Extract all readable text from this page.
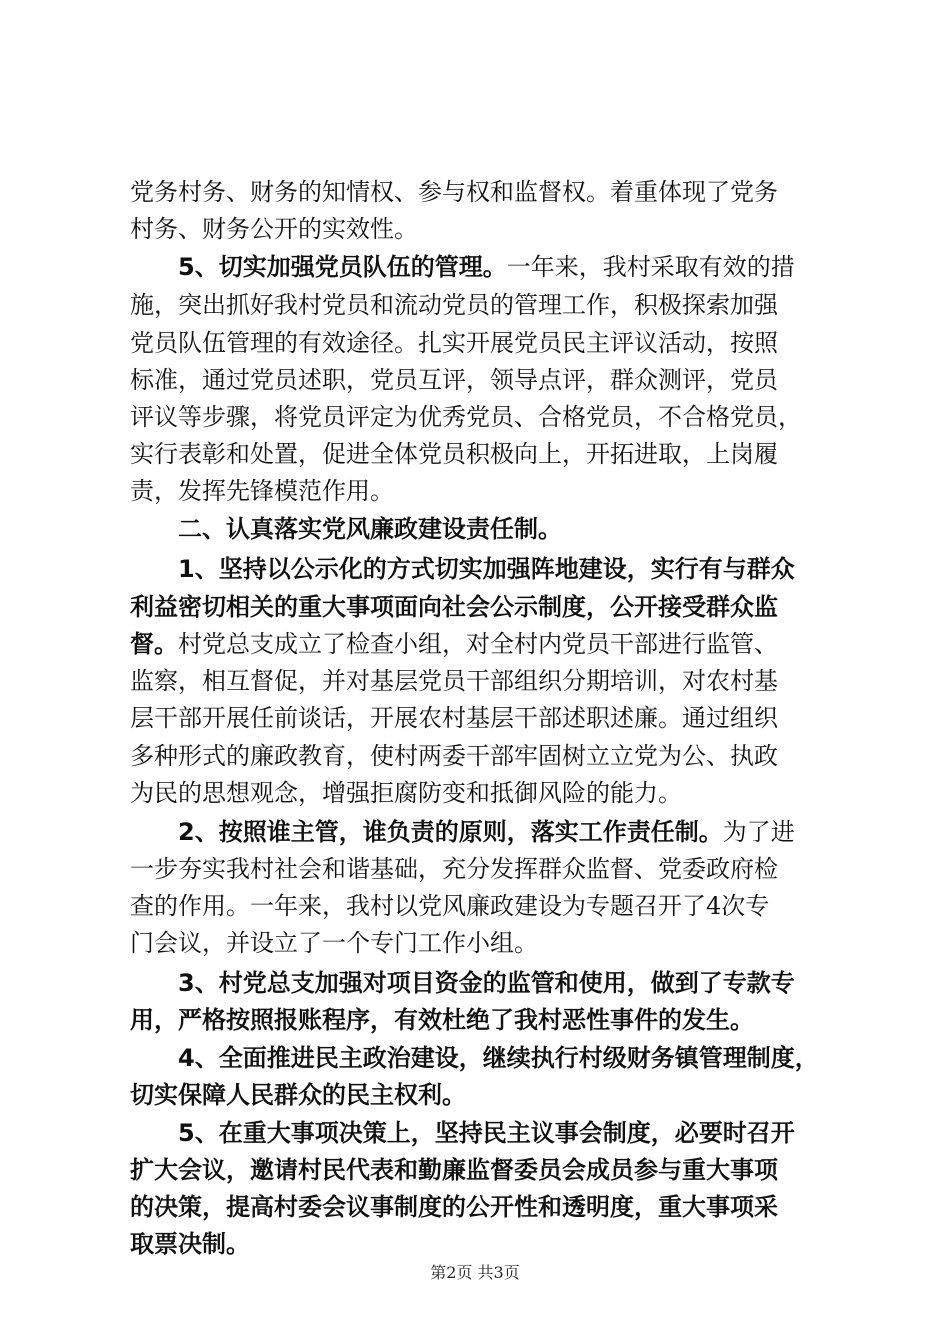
党务村务、财务的知情权、参与权和监督权。着重体现了党务
村务、财务公开的实效性。
5、切实加强党员队伍的管理。一年来，我村采取有效的措
施，突出抓好我村党员和流动党员的管理工作，积极探索加强
党员队伍管理的有效途径。扎实开展党员民主评议活动，按照
标准，通过党员述职，党员互评，领导点评，群众测评，党员
评议等步骤，将党员评定为优秀党员、合格党员，不合格党员，
实行表彰和处置，促进全体党员积极向上，开拓进取，上岗履
责，发挥先锋模范作用。
二、认真落实党风廉政建设责任制。
1、坚持以公示化的方式切实加强阵地建设，实行有与群众
利益密切相关的重大事项面向社会公示制度，公开接受群众监
督。村党总支成立了检查小组，对全村内党员干部进行监管、
监察，相互督促，并对基层党员干部组织分期培训，对农村基
层干部开展任前谈话，开展农村基层干部述职述廉。通过组织
多种形式的廉政教育，使村两委干部牢固树立立党为公、执政
为民的思想观念，增强拒腐防变和抵御风险的能力。
2、按照谁主管，谁负责的原则，落实工作责任制。为了进
一步夯实我村社会和谐基础，充分发挥群众监督、党委政府检
查的作用。一年来，我村以党风廉政建设为专题召开了4次专
门会议，并设立了一个专门工作小组。
3、村党总支加强对项目资金的监管和使用，做到了专款专
用，严格按照报账程序，有效杜绝了我村恶性事件的发生。
4、全面推进民主政治建设，继续执行村级财务镇管理制度，
切实保障人民群众的民主权利。
5、在重大事项决策上，坚持民主议事会制度，必要时召开
扩大会议，邀请村民代表和勤廉监督委员会成员参与重大事项
的决策，提高村委会议事制度的公开性和透明度，重大事项采
取票决制。
第2页 共3页
